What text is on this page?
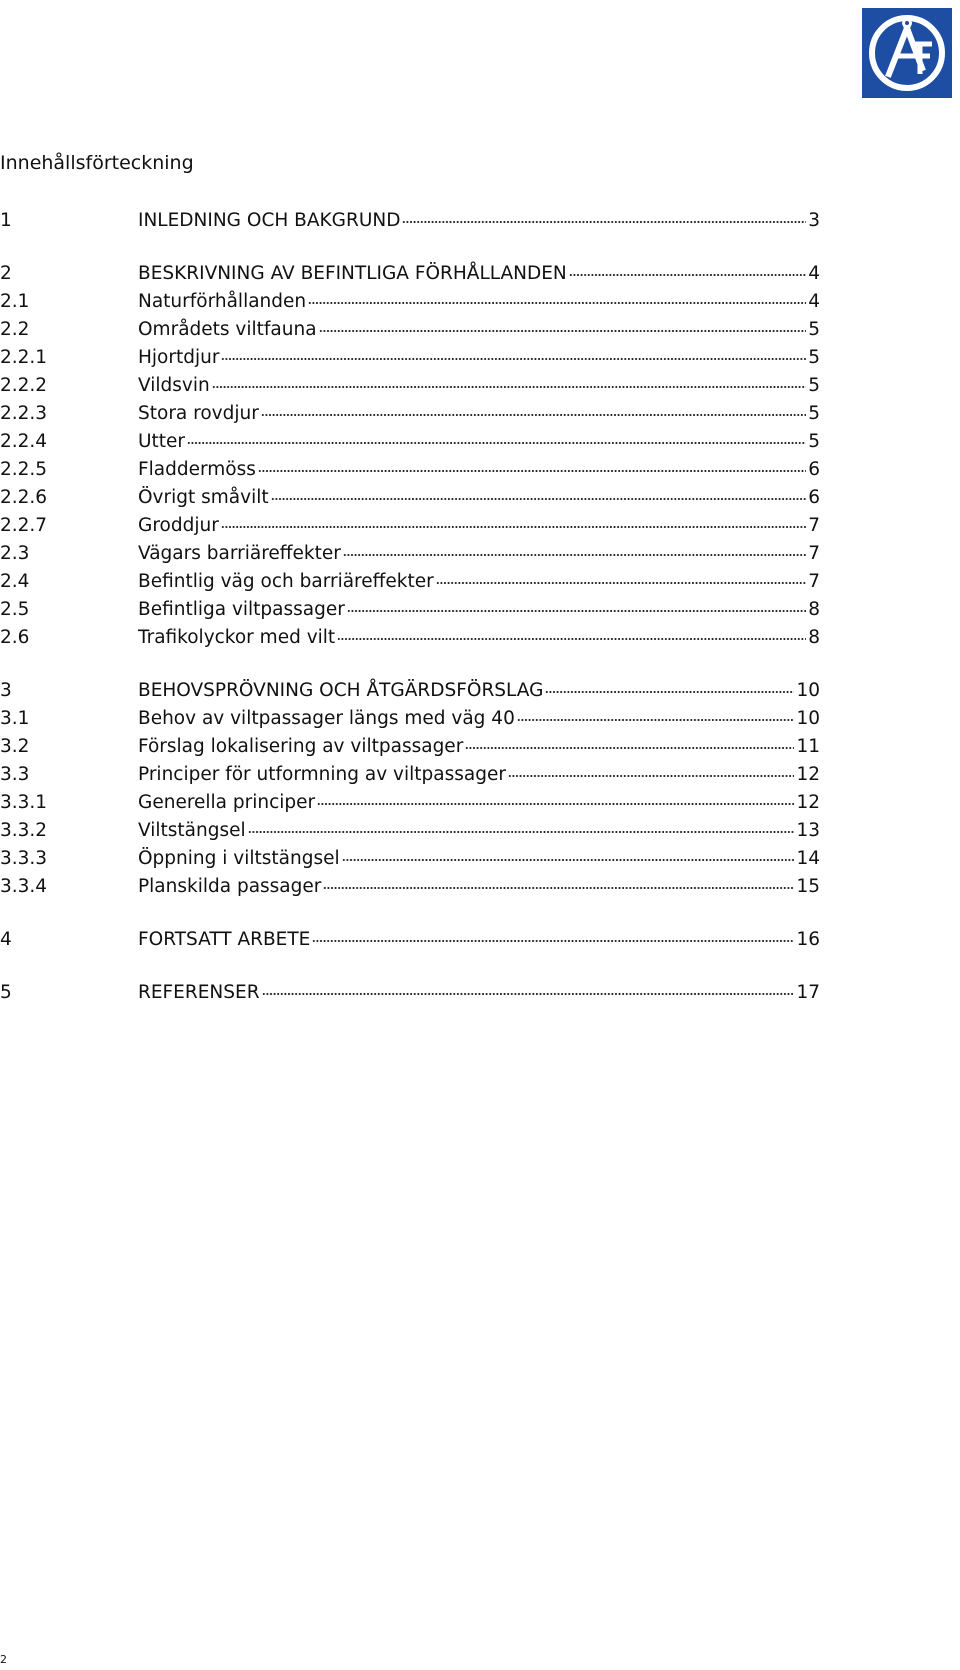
Innehållsförteckning
1	INLEDNING OCH BAKGRUND	3
2	BESKRIVNING AV BEFINTLIGA FÖRHÅLLANDEN	4
2.1	Naturförhållanden	4
2.2	Områdets viltfauna	5
2.2.1	Hjortdjur	5
2.2.2	Vildsvin	5
2.2.3	Stora rovdjur	5
2.2.4	Utter	5
2.2.5	Fladdermöss	6
2.2.6	Övrigt småvilt	6
2.2.7	Groddjur	7
2.3	Vägars barriäreffekter	7
2.4	Befintlig väg och barriäreffekter	7
2.5	Befintliga viltpassager	8
2.6	Trafikolyckor med vilt	8
3	BEHOVSPRÖVNING OCH ÅTGÄRDSFÖRSLAG	10
3.1	Behov av viltpassager längs med väg 40	10
3.2	Förslag lokalisering av viltpassager	11
3.3	Principer för utformning av viltpassager	12
3.3.1	Generella principer	12
3.3.2	Viltstängsel	13
3.3.3	Öppning i viltstängsel	14
3.3.4	Planskilda passager	15
4	FORTSATT ARBETE	16
5	REFERENSER	17
2
